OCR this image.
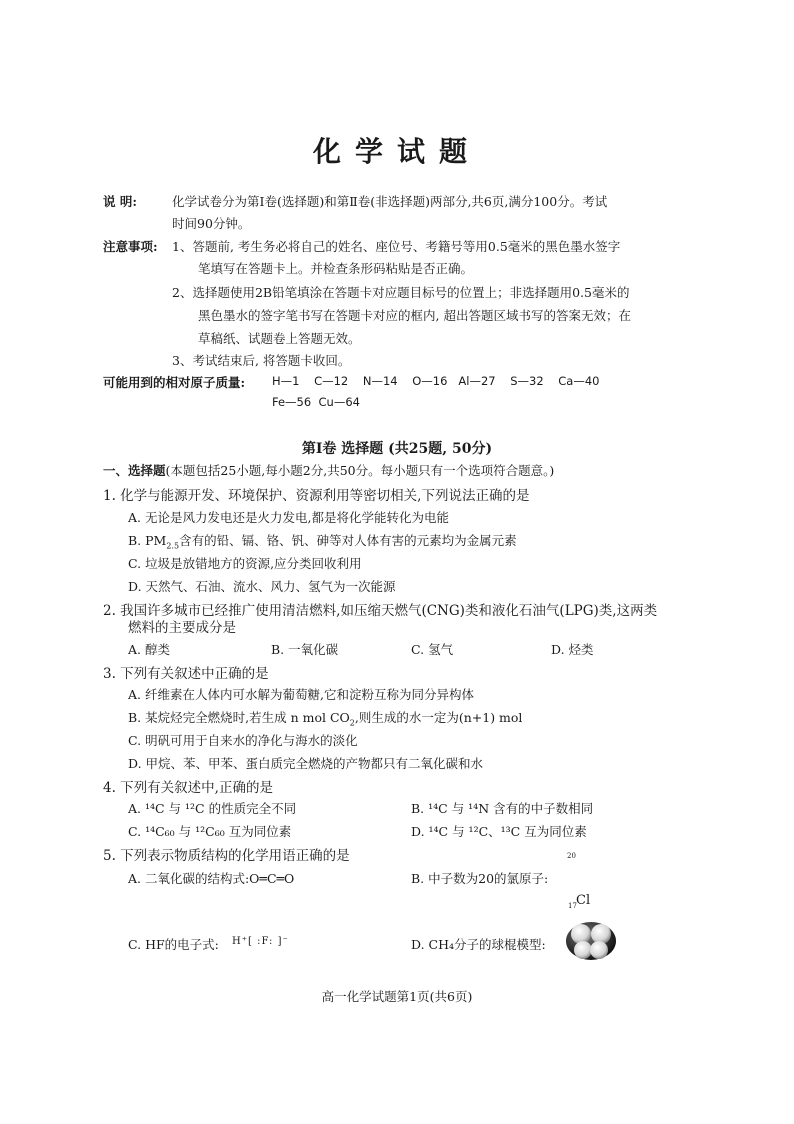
化学试题
说 明:	化学试卷分为第Ⅰ卷(选择题)和第Ⅱ卷(非选择题)两部分,共6页,满分100分。考试
时间90分钟。
注意事项: 1、答题前, 考生务必将自己的姓名、座位号、考籍号等用0.5毫米的黑色墨水签字
笔填写在答题卡上。并检查条形码粘贴是否正确。
2、选择题使用2B铅笔填涂在答题卡对应题目标号的位置上；非选择题用0.5毫米的
黑色墨水的签字笔书写在答题卡对应的框内, 超出答题区域书写的答案无效；在
草稿纸、试题卷上答题无效。
3、考试结束后, 将答题卡收回。
可能用到的相对原子质量: H—1    C—12    N—14    O—16   Al—27    S—32    Ca—40
Fe—56  Cu—64
第Ⅰ卷 选择题 (共25题, 50分)
一、选择题(本题包括25小题,每小题2分,共50分。每小题只有一个选项符合题意。)
1. 化学与能源开发、环境保护、资源利用等密切相关,下列说法正确的是
A. 无论是风力发电还是火力发电,都是将化学能转化为电能
B. $PM_{2.5}$含有的铅、镉、铬、钒、砷等对人体有害的元素均为金属元素
C. 垃圾是放错地方的资源,应分类回收利用
D. 天然气、石油、流水、风力、氢气为一次能源
2. 我国许多城市已经推广使用清洁燃料,如压缩天燃气(CNG)类和液化石油气(LPG)类,这两类
燃料的主要成分是
A. 醇类	B. 一氧化碳	C. 氢气	D. 烃类
3. 下列有关叙述中正确的是
A. 纤维素在人体内可水解为葡萄糖,它和淀粉互称为同分异构体
B. 某烷烃完全燃烧时,若生成 n mol $CO_2$,则生成的水一定为(n+1) mol
C. 明矾可用于自来水的净化与海水的淡化
D. 甲烷、苯、甲苯、蛋白质完全燃烧的产物都只有二氧化碳和水
4. 下列有关叙述中,正确的是
A. ¹⁴C 与 ¹²C 的性质完全不同	B. ¹⁴C 与 ¹⁴N 含有的中子数相同
C. ¹⁴C₆₀ 与 ¹²C₆₀ 互为同位素	D. ¹⁴C 与 ¹²C、¹³C 互为同位素
5. 下列表示物质结构的化学用语正确的是
A. 二氧化碳的结构式:O═C═O	B. 中子数为20的氯原子:
20
17 Cl
C. HF的电子式: H⁺[ :F: ]⁻	D. CH₄分子的球棍模型:
高一化学试题第1页(共6页)
